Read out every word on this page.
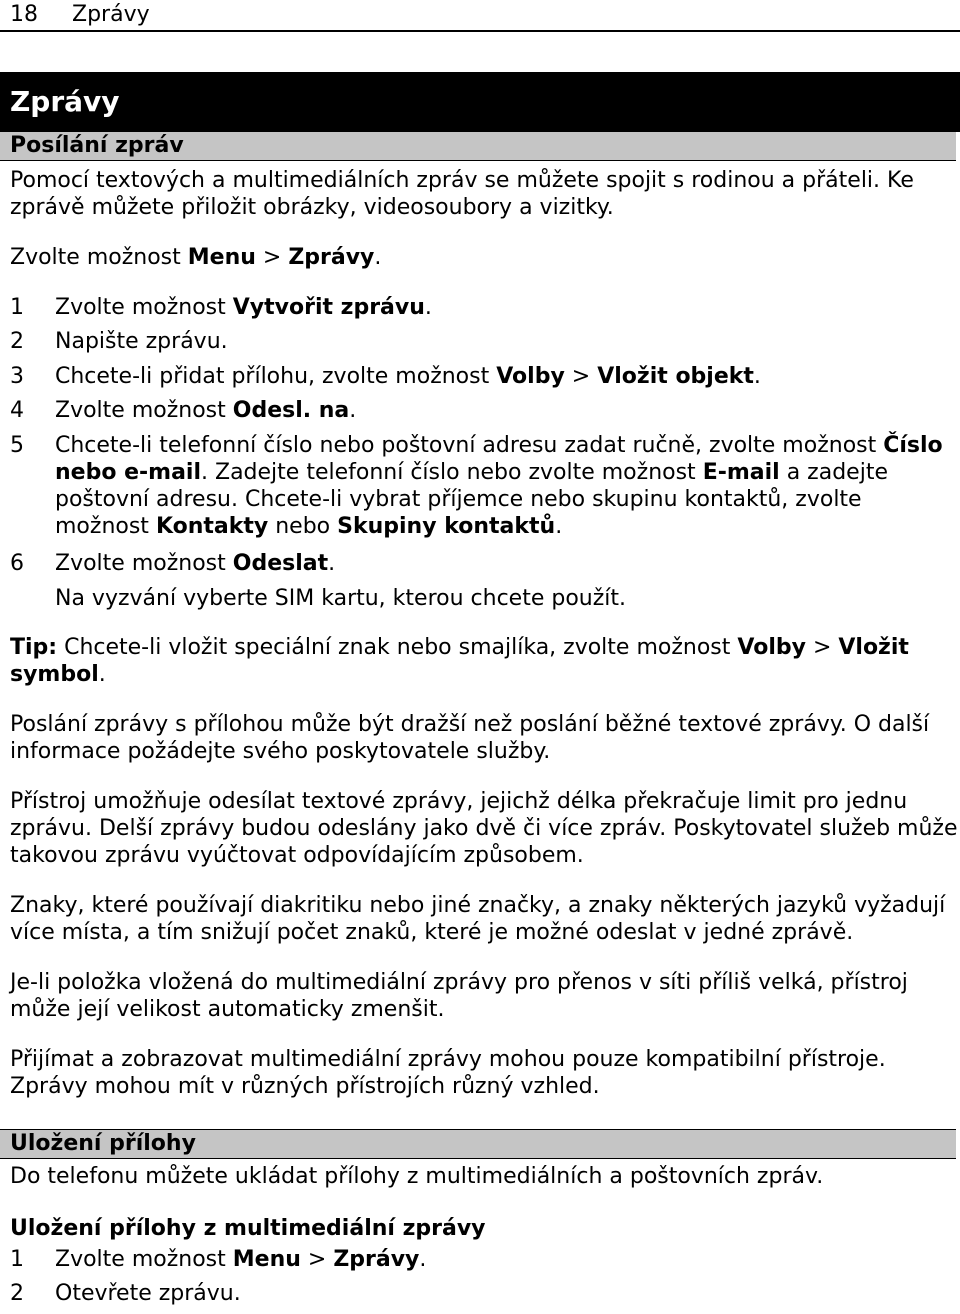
18 Zprávy
Zprávy
Posílání zpráv
Pomocí textových a multimediálních zpráv se můžete spojit s rodinou a přáteli. Ke
zprávě můžete přiložit obrázky, videosoubory a vizitky.
Zvolte možnost Menu > Zprávy.
1	Zvolte možnost Vytvořit zprávu.
2	Napište zprávu.
3	Chcete-li přidat přílohu, zvolte možnost Volby > Vložit objekt.
4	Zvolte možnost Odesl. na.
5	Chcete-li telefonní číslo nebo poštovní adresu zadat ručně, zvolte možnost Číslo
nebo e-mail. Zadejte telefonní číslo nebo zvolte možnost E-mail a zadejte
poštovní adresu. Chcete-li vybrat příjemce nebo skupinu kontaktů, zvolte
možnost Kontakty nebo Skupiny kontaktů.
6	Zvolte možnost Odeslat.
Na vyzvání vyberte SIM kartu, kterou chcete použít.
Tip: Chcete-li vložit speciální znak nebo smajlíka, zvolte možnost Volby > Vložit
symbol.
Poslání zprávy s přílohou může být dražší než poslání běžné textové zprávy. O další
informace požádejte svého poskytovatele služby.
Přístroj umožňuje odesílat textové zprávy, jejichž délka překračuje limit pro jednu
zprávu. Delší zprávy budou odeslány jako dvě či více zpráv. Poskytovatel služeb může
takovou zprávu vyúčtovat odpovídajícím způsobem.
Znaky, které používají diakritiku nebo jiné značky, a znaky některých jazyků vyžadují
více místa, a tím snižují počet znaků, které je možné odeslat v jedné zprávě.
Je-li položka vložená do multimediální zprávy pro přenos v síti příliš velká, přístroj
může její velikost automaticky zmenšit.
Přijímat a zobrazovat multimediální zprávy mohou pouze kompatibilní přístroje.
Zprávy mohou mít v různých přístrojích různý vzhled.
Uložení přílohy
Do telefonu můžete ukládat přílohy z multimediálních a poštovních zpráv.
Uložení přílohy z multimediální zprávy
1	Zvolte možnost Menu > Zprávy.
2	Otevřete zprávu.
